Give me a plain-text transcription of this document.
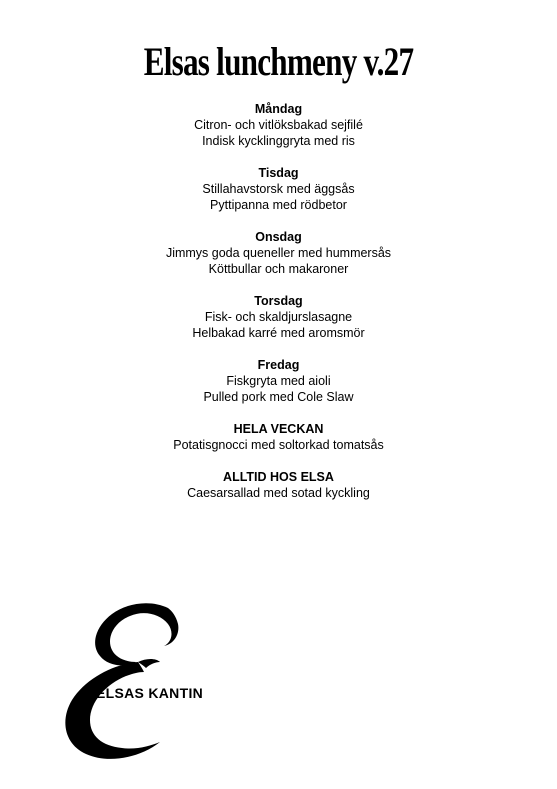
Elsas lunchmeny v.27
Måndag
Citron- och vitlöksbakad sejfilé
Indisk kycklinggryta med ris
Tisdag
Stillahavstorsk med äggsås
Pyttipanna med rödbetor
Onsdag
Jimmys goda queneller med hummersås
Köttbullar och makaroner
Torsdag
Fisk- och skaldjurslasagne
Helbakad karré med aromsmör
Fredag
Fiskgryta med aioli
Pulled pork med Cole Slaw
HELA VECKAN
Potatisgnocci med soltorkad tomatsås
ALLTID HOS ELSA
Caesarsallad med sotad kyckling
ELSAS KANTIN
